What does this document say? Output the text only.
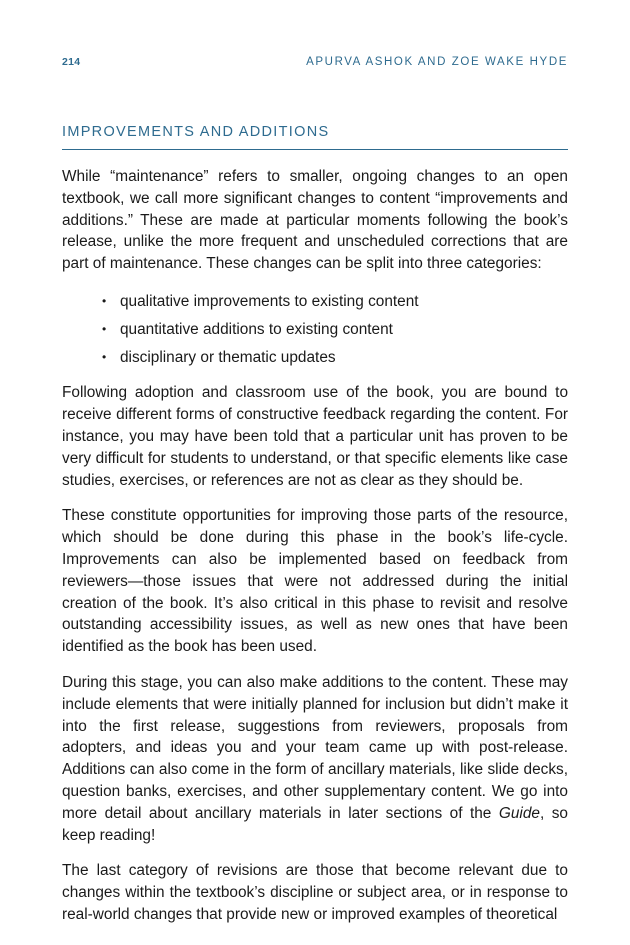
214	APURVA ASHOK AND ZOE WAKE HYDE
IMPROVEMENTS AND ADDITIONS

While “maintenance” refers to smaller, ongoing changes to an open textbook, we call more significant changes to content “improvements and additions.” These are made at particular moments following the book’s release, unlike the more frequent and unscheduled corrections that are part of maintenance. These changes can be split into three categories:

• qualitative improvements to existing content
• quantitative additions to existing content
• disciplinary or thematic updates

Following adoption and classroom use of the book, you are bound to receive different forms of constructive feedback regarding the content. For instance, you may have been told that a particular unit has proven to be very difficult for students to understand, or that specific elements like case studies, exercises, or references are not as clear as they should be.

These constitute opportunities for improving those parts of the resource, which should be done during this phase in the book’s life-cycle. Improvements can also be implemented based on feedback from reviewers—those issues that were not addressed during the initial creation of the book. It’s also critical in this phase to revisit and resolve outstanding accessibility issues, as well as new ones that have been identified as the book has been used.

During this stage, you can also make additions to the content. These may include elements that were initially planned for inclusion but didn’t make it into the first release, suggestions from reviewers, proposals from adopters, and ideas you and your team came up with post-release. Additions can also come in the form of ancillary materials, like slide decks, question banks, exercises, and other supplementary content. We go into more detail about ancillary materials in later sections of the Guide, so keep reading!

The last category of revisions are those that become relevant due to changes within the textbook’s discipline or subject area, or in response to real-world changes that provide new or improved examples of theoretical
